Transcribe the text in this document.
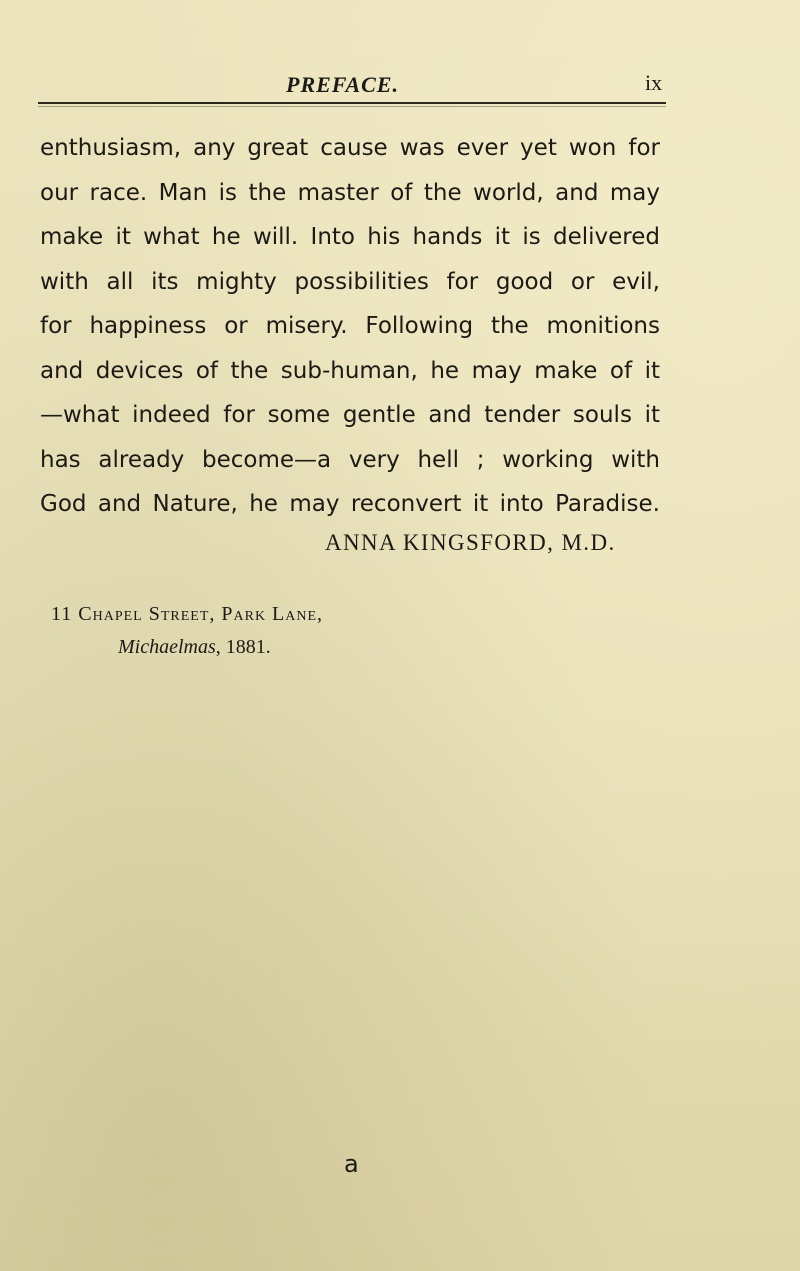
PREFACE.	ix
enthusiasm, any great cause was ever yet won for
our race. Man is the master of the world, and may
make it what he will. Into his hands it is delivered
with all its mighty possibilities for good or evil,
for happiness or misery. Following the monitions
and devices of the sub-human, he may make of it
—what indeed for some gentle and tender souls it
has already become—a very hell ; working with
God and Nature, he may reconvert it into Paradise.
ANNA KINGSFORD, M.D.
11 Chapel Street, Park Lane,
Michaelmas, 1881.
a
